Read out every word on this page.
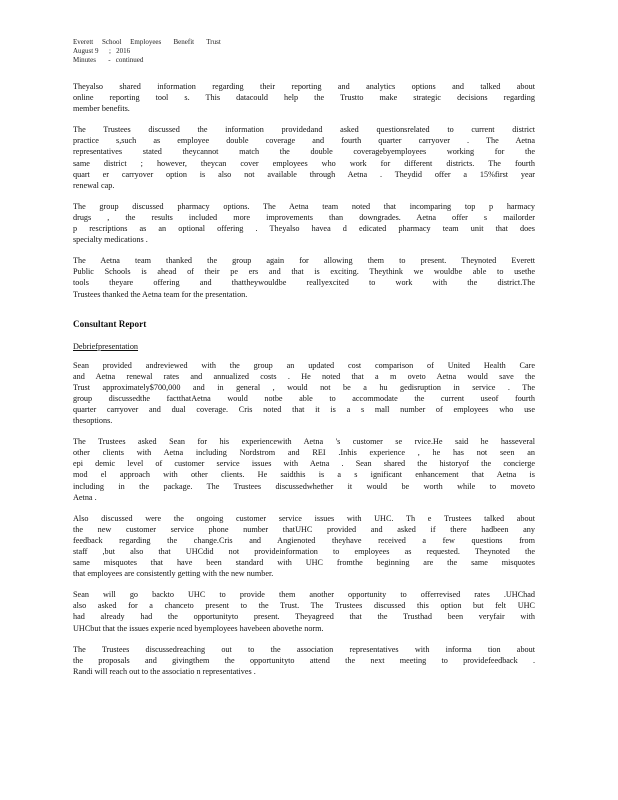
Everett     School     Employees       Benefit       Trust
August 9      ;   2016
Minutes       -   continued
Theyalso shared information regarding their reporting and analytics options and talked about
online reporting tool s. This datacould help the Trustto make strategic decisions regarding
member benefits.
The Trustees discussed the information providedand asked questionsrelated to current district
practice s,such as employee double coverage and fourth quarter carryover . The Aetna
representatives stated theycannot match the double coveragebyemployees working for the
same district ; however, theycan cover employees who work for different districts. The fourth
quart er carryover option is also not available through Aetna . Theydid offer a 15%first year
renewal cap.
The group discussed pharmacy options. The Aetna team noted that incomparing top p harmacy
drugs , the results included more improvements than downgrades. Aetna offer s mailorder
p rescriptions as an optional offering . Theyalso havea d edicated pharmacy team unit that does
specialty medications .
The Aetna team thanked the group again for allowing them to present. Theynoted Everett
Public Schools is ahead of their pe ers and that is exciting. Theythink we wouldbe able to usethe
tools theyare offering and thattheywouldbe reallyexcited to work with the district.The
Trustees thanked the Aetna team for the presentation.
Consultant Report
Debriefpresentation
Sean provided andreviewed with the group an updated cost comparison of United Health Care
and Aetna renewal rates and annualized costs . He noted that a m oveto Aetna would save the
Trust approximately$700,000 and in general , would not be a hu gedisruption in service . The
group discussedthe factthatAetna would notbe able to accommodate the current useof fourth
quarter carryover and dual coverage. Cris noted that it is a s mall number of employees who use
thesoptions.
The Trustees asked Sean for his experiencewith Aetna 's customer se rvice.He said he hasseveral
other clients with Aetna including Nordstrom and REI .Inhis experience , he has not seen an
epi demic level of customer service issues with Aetna . Sean shared the historyof the concierge
mod el approach with other clients. He saidthis is a s ignificant enhancement that Aetna is
including in the package. The Trustees discussedwhether it would be worth while to moveto
Aetna .
Also discussed were the ongoing customer service issues with UHC. Th e Trustees talked about
the new customer service phone number thatUHC provided and asked if there hadbeen any
feedback regarding the change.Cris and Angienoted theyhave received a few questions from
staff ,but also that UHCdid not provideinformation to employees as requested. Theynoted the
same misquotes that have been standard with UHC fromthe beginning are the same misquotes
that employees are consistently getting with the new number.
Sean will go backto UHC to provide them another opportunity to offerrevised rates .UHChad
also asked for a chanceto present to the Trust. The Trustees discussed this option but felt UHC
had already had the opportunityto present. Theyagreed that the Trusthad been veryfair with
UHCbut that the issues experie nced byemployees havebeen abovethe norm.
The Trustees discussedreaching out to the association representatives with informa tion about
the proposals and givingthem the opportunityto attend the next meeting to providefeedback .
Randi will reach out to the associatio n representatives .
